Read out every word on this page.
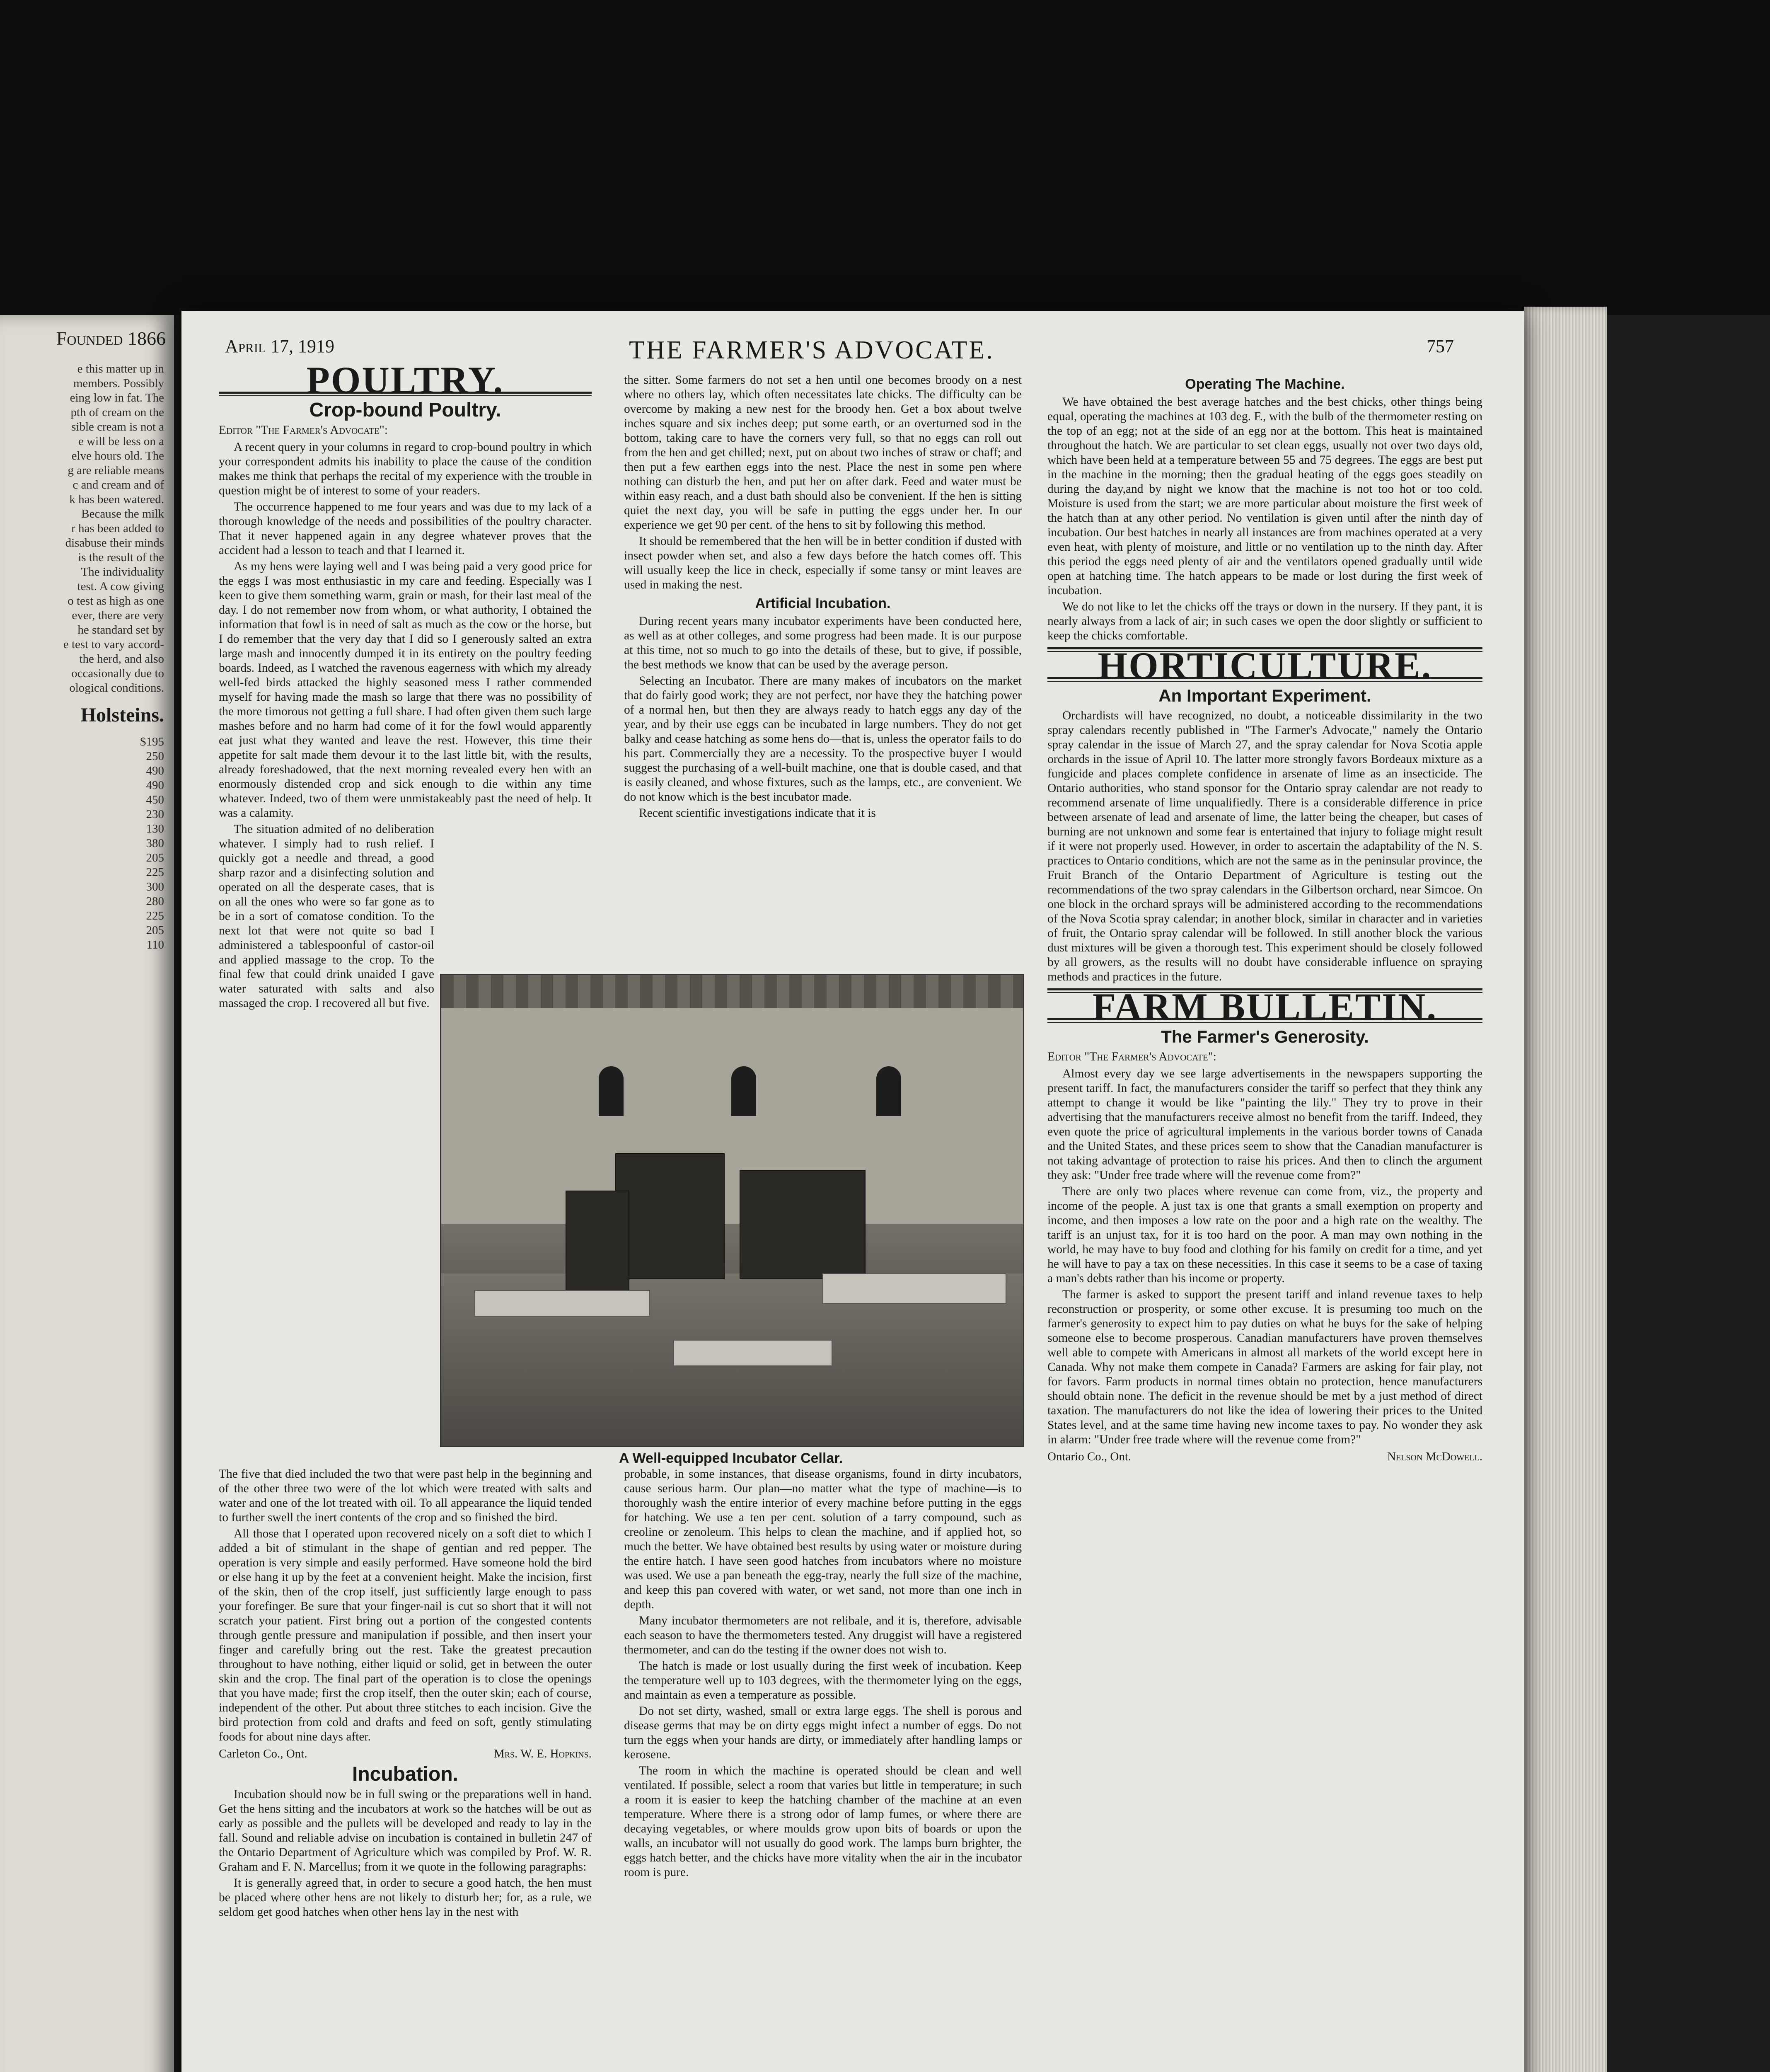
Founded 1866
e this matter up in
members. Possibly
eing low in fat. The
pth of cream on the
sible cream is not a
e will be less on a
elve hours old. The
g are reliable means
c and cream and of
k has been watered.
Because the milk
r has been added to
disabuse their minds
is the result of the
The individuality
test. A cow giving
o test as high as one
ever, there are very
he standard set by
e test to vary accord-
the herd, and also
occasionally due to
ological conditions.
Holsteins.
$195
250
490
490
450
230
130
380
205
225
300
280
225
205
110
April 17, 1919	THE FARMER'S ADVOCATE.	757
POULTRY.
Crop-bound Poultry.
Editor "The Farmer's Advocate":

A recent query in your columns in regard to crop-bound poultry in which your correspondent admits his inability to place the cause of the condition makes me think that perhaps the recital of my experience with the trouble in question might be of interest to some of your readers.

The occurrence happened to me four years and was due to my lack of a thorough knowledge of the needs and possibilities of the poultry character. That it never happened again in any degree whatever proves that the accident had a lesson to teach and that I learned it.

As my hens were laying well and I was being paid a very good price for the eggs I was most enthusiastic in my care and feeding. Especially was I keen to give them something warm, grain or mash, for their last meal of the day. I do not remember now from whom, or what authority, I obtained the information that fowl is in need of salt as much as the cow or the horse, but I do remember that the very day that I did so I generously salted an extra large mash and innocently dumped it in its entirety on the poultry feeding boards. Indeed, as I watched the ravenous eagerness with which my already well-fed birds attacked the highly seasoned mess I rather commended myself for having made the mash so large that there was no possibility of the more timorous not getting a full share. I had often given them such large mashes before and no harm had come of it for the fowl would apparently eat just what they wanted and leave the rest. However, this time their appetite for salt made them devour it to the last little bit, with the results, already foreshadowed, that the next morning revealed every hen with an enormously distended crop and sick enough to die within any time whatever. Indeed, two of them were unmistakeably past the need of help. It was a calamity.

The situation admited of no deliberation whatever. I simply had to rush relief. I quickly got a needle and thread, a good sharp razor and a disinfecting solution and operated on all the desperate cases, that is on all the ones who were so far gone as to be in a sort of comatose condition. To the next lot that were not quite so bad I administered a tablespoonful of castor-oil and applied massage to the crop. To the final few that could drink unaided I gave water saturated with salts and also massaged the crop. I recovered all but five.

the sitter. Some farmers do not set a hen until one becomes broody on a nest where no others lay, which often necessitates late chicks. The difficulty can be overcome by making a new nest for the broody hen. Get a box about twelve inches square and six inches deep; put some earth, or an overturned sod in the bottom, taking care to have the corners very full, so that no eggs can roll out from the hen and get chilled; next, put on about two inches of straw or chaff; and then put a few earthen eggs into the nest. Place the nest in some pen where nothing can disturb the hen, and put her on after dark. Feed and water must be within easy reach, and a dust bath should also be convenient. If the hen is sitting quiet the next day, you will be safe in putting the eggs under her. In our experience we get 90 per cent. of the hens to sit by following this method.

It should be remembered that the hen will be in better condition if dusted with insect powder when set, and also a few days before the hatch comes off. This will usually keep the lice in check, especially if some tansy or mint leaves are used in making the nest.

Artificial Incubation.

During recent years many incubator experiments have been conducted here, as well as at other colleges, and some progress had been made. It is our purpose at this time, not so much to go into the details of these, but to give, if possible, the best methods we know that can be used by the average person.

Selecting an Incubator. There are many makes of incubators on the market that do fairly good work; they are not perfect, nor have they the hatching power of a normal hen, but then they are always ready to hatch eggs any day of the year, and by their use eggs can be incubated in large numbers. They do not get balky and cease hatching as some hens do—that is, unless the operator fails to do his part. Commercially they are a necessity. To the prospective buyer I would suggest the purchasing of a well-built machine, one that is double cased, and that is easily cleaned, and whose fixtures, such as the lamps, etc., are convenient. We do not know which is the best incubator made.

Recent scientific investigations indicate that it is

A Well-equipped Incubator Cellar.

The five that died included the two that were past help in the beginning and of the other three two were of the lot which were treated with salts and water and one of the lot treated with oil. To all appearance the liquid tended to further swell the inert contents of the crop and so finished the bird.

All those that I operated upon recovered nicely on a soft diet to which I added a bit of stimulant in the shape of gentian and red pepper. The operation is very simple and easily performed. Have someone hold the bird or else hang it up by the feet at a convenient height. Make the incision, first of the skin, then of the crop itself, just sufficiently large enough to pass your forefinger. Be sure that your finger-nail is cut so short that it will not scratch your patient. First bring out a portion of the congested contents through gentle pressure and manipulation if possible, and then insert your finger and carefully bring out the rest. Take the greatest precaution throughout to have nothing, either liquid or solid, get in between the outer skin and the crop. The final part of the operation is to close the openings that you have made; first the crop itself, then the outer skin; each of course, independent of the other. Put about three stitches to each incision. Give the bird protection from cold and drafts and feed on soft, gently stimulating foods for about nine days after.

Carleton Co., Ont.	Mrs. W. E. Hopkins.
Incubation.

Incubation should now be in full swing or the preparations well in hand. Get the hens sitting and the incubators at work so the hatches will be out as early as possible and the pullets will be developed and ready to lay in the fall. Sound and reliable advise on incubation is contained in bulletin 247 of the Ontario Department of Agriculture which was compiled by Prof. W. R. Graham and F. N. Marcellus; from it we quote in the following paragraphs:

It is generally agreed that, in order to secure a good hatch, the hen must be placed where other hens are not likely to disturb her; for, as a rule, we seldom get good hatches when other hens lay in the nest with

probable, in some instances, that disease organisms, found in dirty incubators, cause serious harm. Our plan—no matter what the type of machine—is to thoroughly wash the entire interior of every machine before putting in the eggs for hatching. We use a ten per cent. solution of a tarry compound, such as creoline or zenoleum. This helps to clean the machine, and if applied hot, so much the better. We have obtained best results by using water or moisture during the entire hatch. I have seen good hatches from incubators where no moisture was used. We use a pan beneath the egg-tray, nearly the full size of the machine, and keep this pan covered with water, or wet sand, not more than one inch in depth.

Many incubator thermometers are not relibale, and it is, therefore, advisable each season to have the thermometers tested. Any druggist will have a registered thermometer, and can do the testing if the owner does not wish to.

The hatch is made or lost usually during the first week of incubation. Keep the temperature well up to 103 degrees, with the thermometer lying on the eggs, and maintain as even a temperature as possible.

Do not set dirty, washed, small or extra large eggs. The shell is porous and disease germs that may be on dirty eggs might infect a number of eggs. Do not turn the eggs when your hands are dirty, or immediately after handling lamps or kerosene.

The room in which the machine is operated should be clean and well ventilated. If possible, select a room that varies but little in temperature; in such a room it is easier to keep the hatching chamber of the machine at an even temperature. Where there is a strong odor of lamp fumes, or where there are decaying vegetables, or where moulds grow upon bits of boards or upon the walls, an incubator will not usually do good work. The lamps burn brighter, the eggs hatch better, and the chicks have more vitality when the air in the incubator room is pure.

Operating The Machine.

We have obtained the best average hatches and the best chicks, other things being equal, operating the machines at 103 deg. F., with the bulb of the thermometer resting on the top of an egg; not at the side of an egg nor at the bottom. This heat is maintained throughout the hatch. We are particular to set clean eggs, usually not over two days old, which have been held at a temperature between 55 and 75 degrees. The eggs are best put in the machine in the morning; then the gradual heating of the eggs goes steadily on during the day,and by night we know that the machine is not too hot or too cold. Moisture is used from the start; we are more particular about moisture the first week of the hatch than at any other period. No ventilation is given until after the ninth day of incubation. Our best hatches in nearly all instances are from machines operated at a very even heat, with plenty of moisture, and little or no ventilation up to the ninth day. After this period the eggs need plenty of air and the ventilators opened gradually until wide open at hatching time. The hatch appears to be made or lost during the first week of incubation.

We do not like to let the chicks off the trays or down in the nursery. If they pant, it is nearly always from a lack of air; in such cases we open the door slightly or sufficient to keep the chicks comfortable.

HORTICULTURE.
An Important Experiment.

Orchardists will have recognized, no doubt, a noticeable dissimilarity in the two spray calendars recently published in "The Farmer's Advocate," namely the Ontario spray calendar in the issue of March 27, and the spray calendar for Nova Scotia apple orchards in the issue of April 10. The latter more strongly favors Bordeaux mixture as a fungicide and places complete confidence in arsenate of lime as an insecticide. The Ontario authorities, who stand sponsor for the Ontario spray calendar are not ready to recommend arsenate of lime unqualifiedly. There is a considerable difference in price between arsenate of lead and arsenate of lime, the latter being the cheaper, but cases of burning are not unknown and some fear is entertained that injury to foliage might result if it were not properly used. However, in order to ascertain the adaptability of the N. S. practices to Ontario conditions, which are not the same as in the peninsular province, the Fruit Branch of the Ontario Department of Agriculture is testing out the recommendations of the two spray calendars in the Gilbertson orchard, near Simcoe. On one block in the orchard sprays will be administered according to the recommendations of the Nova Scotia spray calendar; in another block, similar in character and in varieties of fruit, the Ontario spray calendar will be followed. In still another block the various dust mixtures will be given a thorough test. This experiment should be closely followed by all growers, as the results will no doubt have considerable influence on spraying methods and practices in the future.

FARM BULLETIN.
The Farmer's Generosity.
Editor "The Farmer's Advocate":

Almost every day we see large advertisements in the newspapers supporting the present tariff. In fact, the manufacturers consider the tariff so perfect that they think any attempt to change it would be like "painting the lily." They try to prove in their advertising that the manufacturers receive almost no benefit from the tariff. Indeed, they even quote the price of agricultural implements in the various border towns of Canada and the United States, and these prices seem to show that the Canadian manufacturer is not taking advantage of protection to raise his prices. And then to clinch the argument they ask: "Under free trade where will the revenue come from?"

There are only two places where revenue can come from, viz., the property and income of the people. A just tax is one that grants a small exemption on property and income, and then imposes a low rate on the poor and a high rate on the wealthy. The tariff is an unjust tax, for it is too hard on the poor. A man may own nothing in the world, he may have to buy food and clothing for his family on credit for a time, and yet he will have to pay a tax on these necessities. In this case it seems to be a case of taxing a man's debts rather than his income or property.

The farmer is asked to support the present tariff and inland revenue taxes to help reconstruction or prosperity, or some other excuse. It is presuming too much on the farmer's generosity to expect him to pay duties on what he buys for the sake of helping someone else to become prosperous. Canadian manufacturers have proven themselves well able to compete with Americans in almost all markets of the world except here in Canada. Why not make them compete in Canada? Farmers are asking for fair play, not for favors. Farm products in normal times obtain no protection, hence manufacturers should obtain none. The deficit in the revenue should be met by a just method of direct taxation. The manufacturers do not like the idea of lowering their prices to the United States level, and at the same time having new income taxes to pay. No wonder they ask in alarm: "Under free trade where will the revenue come from?"

Ontario Co., Ont.	Nelson McDowell.
